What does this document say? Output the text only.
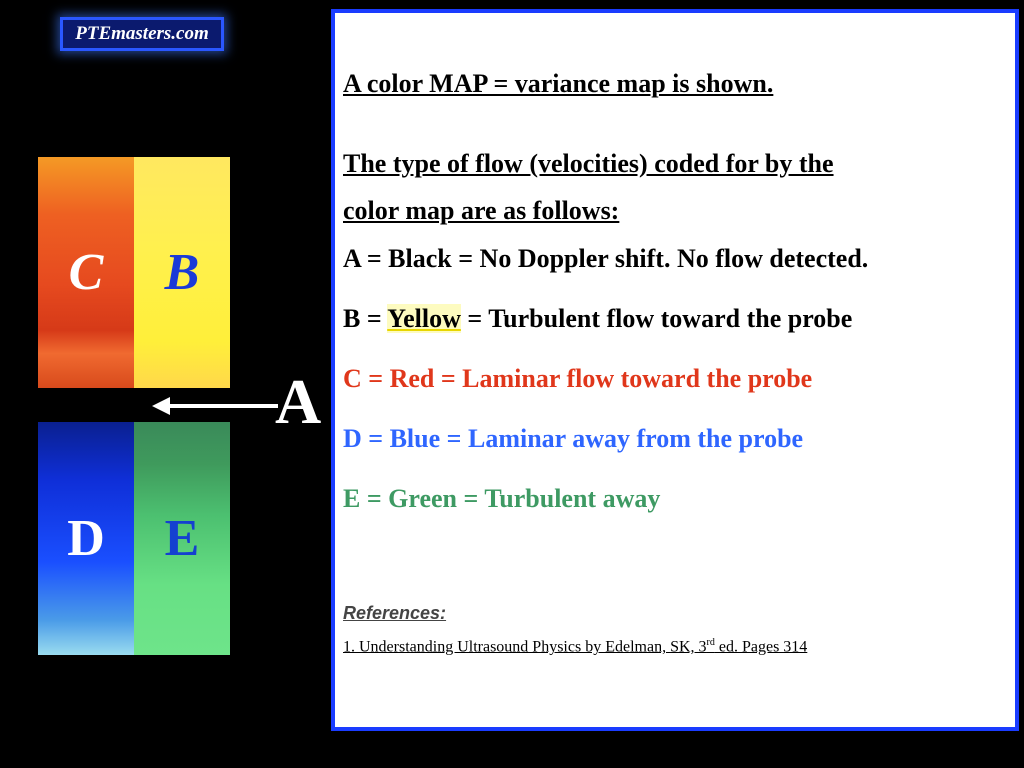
PTEmasters.com
C B
D E
A
A color MAP = variance map is shown.
The type of flow (velocities) coded for by the
color map are as follows:
A = Black = No Doppler shift. No flow detected.
B = Yellow = Turbulent flow toward the probe
C = Red = Laminar flow toward the probe
D = Blue = Laminar away from the probe
E = Green = Turbulent away
References:
1. Understanding Ultrasound Physics by Edelman, SK, 3rd ed. Pages 314
